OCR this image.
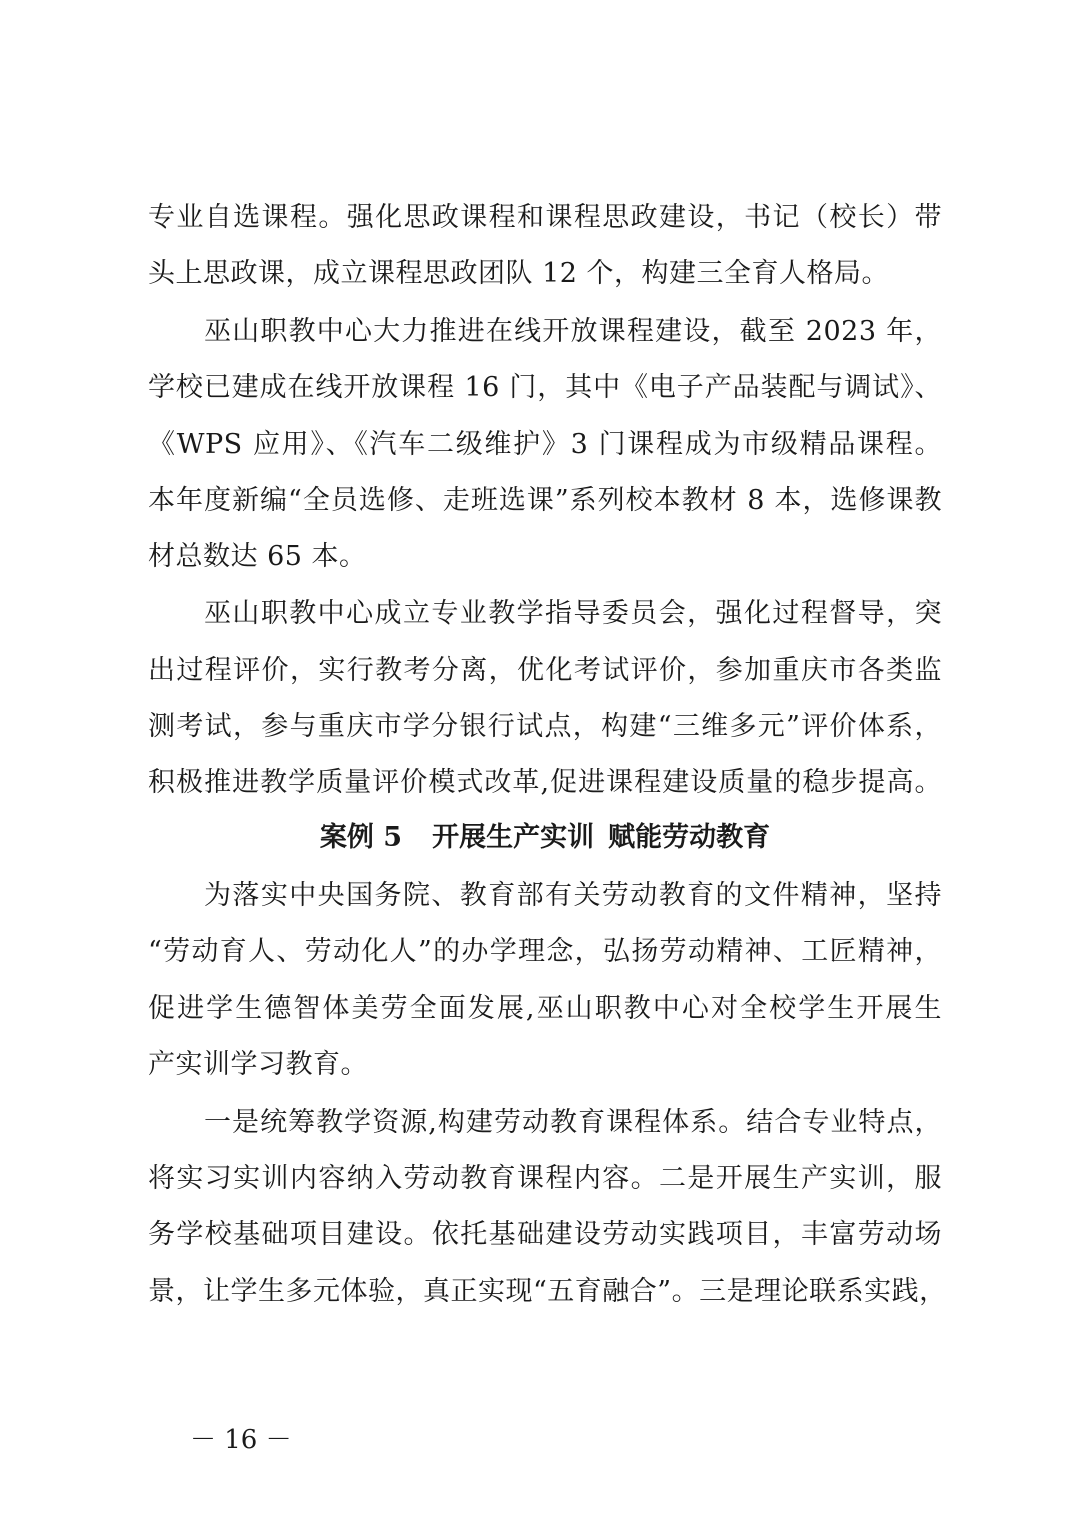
专业自选课程。强化思政课程和课程思政建设，书记（校长）带
头上思政课，成立课程思政团队 12 个，构建三全育人格局。
巫山职教中心大力推进在线开放课程建设，截至 2023 年，
学校已建成在线开放课程 16 门，其中《电子产品装配与调试》、
《WPS 应用》、《汽车二级维护》3 门课程成为市级精品课程。
本年度新编“全员选修、走班选课”系列校本教材 8 本，选修课教
材总数达 65 本。
巫山职教中心成立专业教学指导委员会，强化过程督导，突
出过程评价，实行教考分离，优化考试评价，参加重庆市各类监
测考试，参与重庆市学分银行试点，构建“三维多元”评价体系，
积极推进教学质量评价模式改革,促进课程建设质量的稳步提高。
案例 5 开展生产实训 赋能劳动教育
为落实中央国务院、教育部有关劳动教育的文件精神，坚持
“劳动育人、劳动化人”的办学理念，弘扬劳动精神、工匠精神，
促进学生德智体美劳全面发展,巫山职教中心对全校学生开展生
产实训学习教育。
一是统筹教学资源,构建劳动教育课程体系。结合专业特点，
将实习实训内容纳入劳动教育课程内容。二是开展生产实训，服
务学校基础项目建设。依托基础建设劳动实践项目，丰富劳动场
景，让学生多元体验，真正实现“五育融合”。三是理论联系实践，
－ 16 －
